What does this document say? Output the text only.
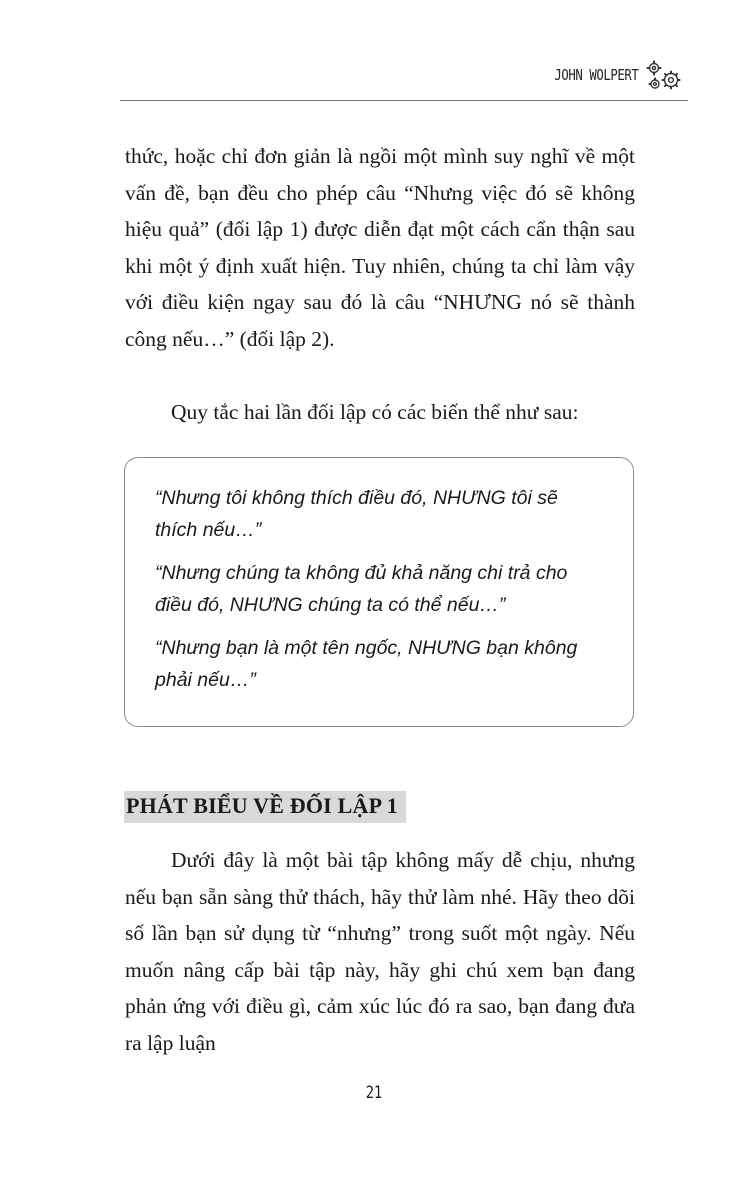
JOHN WOLPERT

thức, hoặc chỉ đơn giản là ngồi một mình suy nghĩ về một vấn đề, bạn đều cho phép câu “Nhưng việc đó sẽ không hiệu quả” (đối lập 1) được diễn đạt một cách cẩn thận sau khi một ý định xuất hiện. Tuy nhiên, chúng ta chỉ làm vậy với điều kiện ngay sau đó là câu “NHƯNG nó sẽ thành công nếu…” (đối lập 2).

Quy tắc hai lần đối lập có các biến thể như sau:

“Nhưng tôi không thích điều đó, NHƯNG tôi sẽ thích nếu…”

“Nhưng chúng ta không đủ khả năng chi trả cho điều đó, NHƯNG chúng ta có thể nếu…”

“Nhưng bạn là một tên ngốc, NHƯNG bạn không phải nếu…”

PHÁT BIỂU VỀ ĐỐI LẬP 1

Dưới đây là một bài tập không mấy dễ chịu, nhưng nếu bạn sẵn sàng thử thách, hãy thử làm nhé. Hãy theo dõi số lần bạn sử dụng từ “nhưng” trong suốt một ngày. Nếu muốn nâng cấp bài tập này, hãy ghi chú xem bạn đang phản ứng với điều gì, cảm xúc lúc đó ra sao, bạn đang đưa ra lập luận

21
